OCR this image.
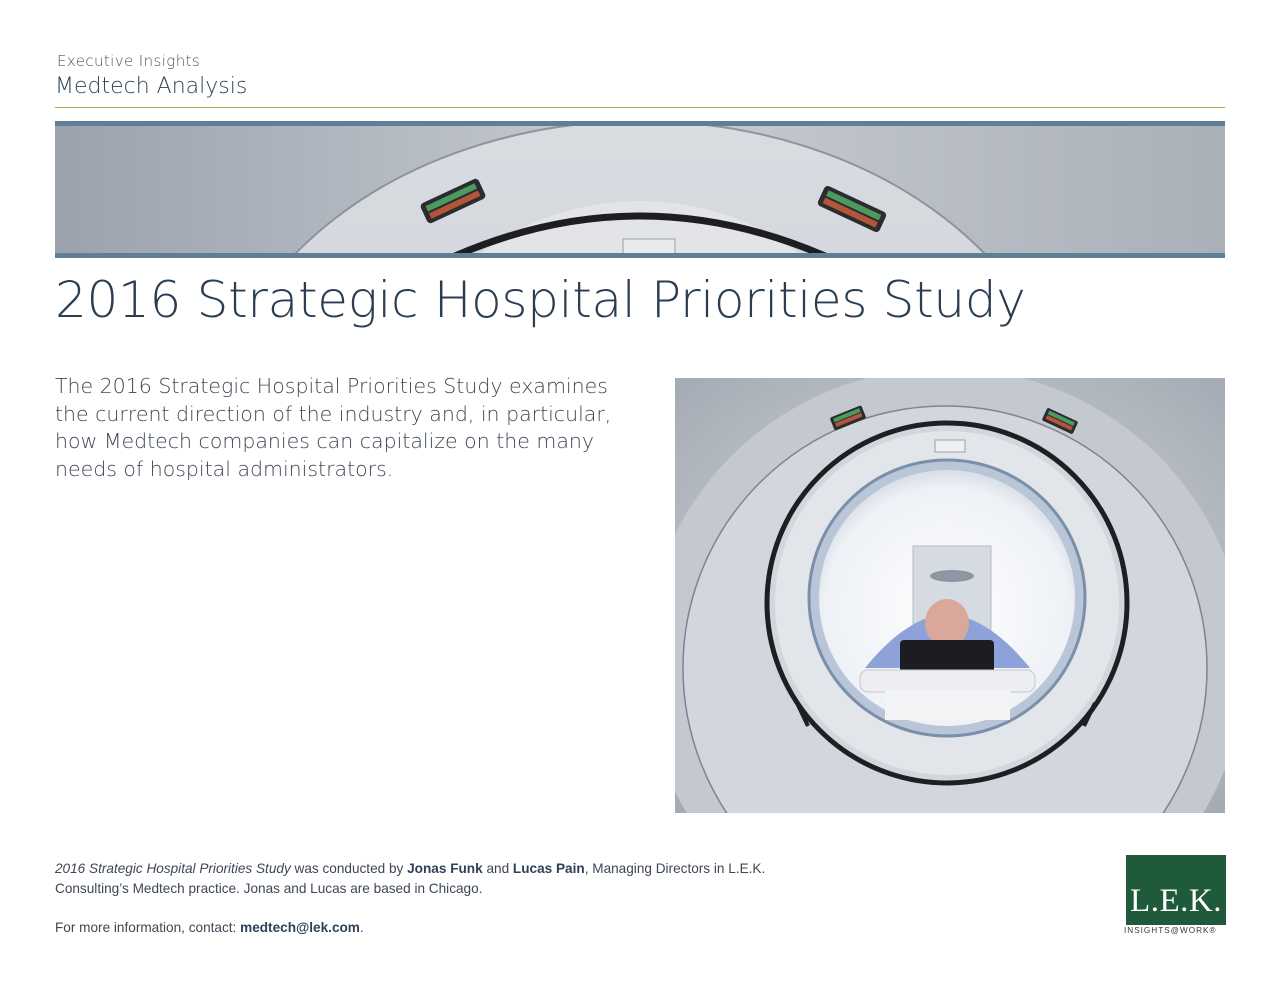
Executive Insights
Medtech Analysis
2016 Strategic Hospital Priorities Study
The 2016 Strategic Hospital Priorities Study examines the current direction of the industry and, in particular, how Medtech companies can capitalize on the many needs of hospital administrators.
2016 Strategic Hospital Priorities Study was conducted by Jonas Funk and Lucas Pain, Managing Directors in L.E.K. Consulting’s Medtech practice. Jonas and Lucas are based in Chicago.
For more information, contact: medtech@lek.com.
L.E.K.
INSIGHTS@WORK®
